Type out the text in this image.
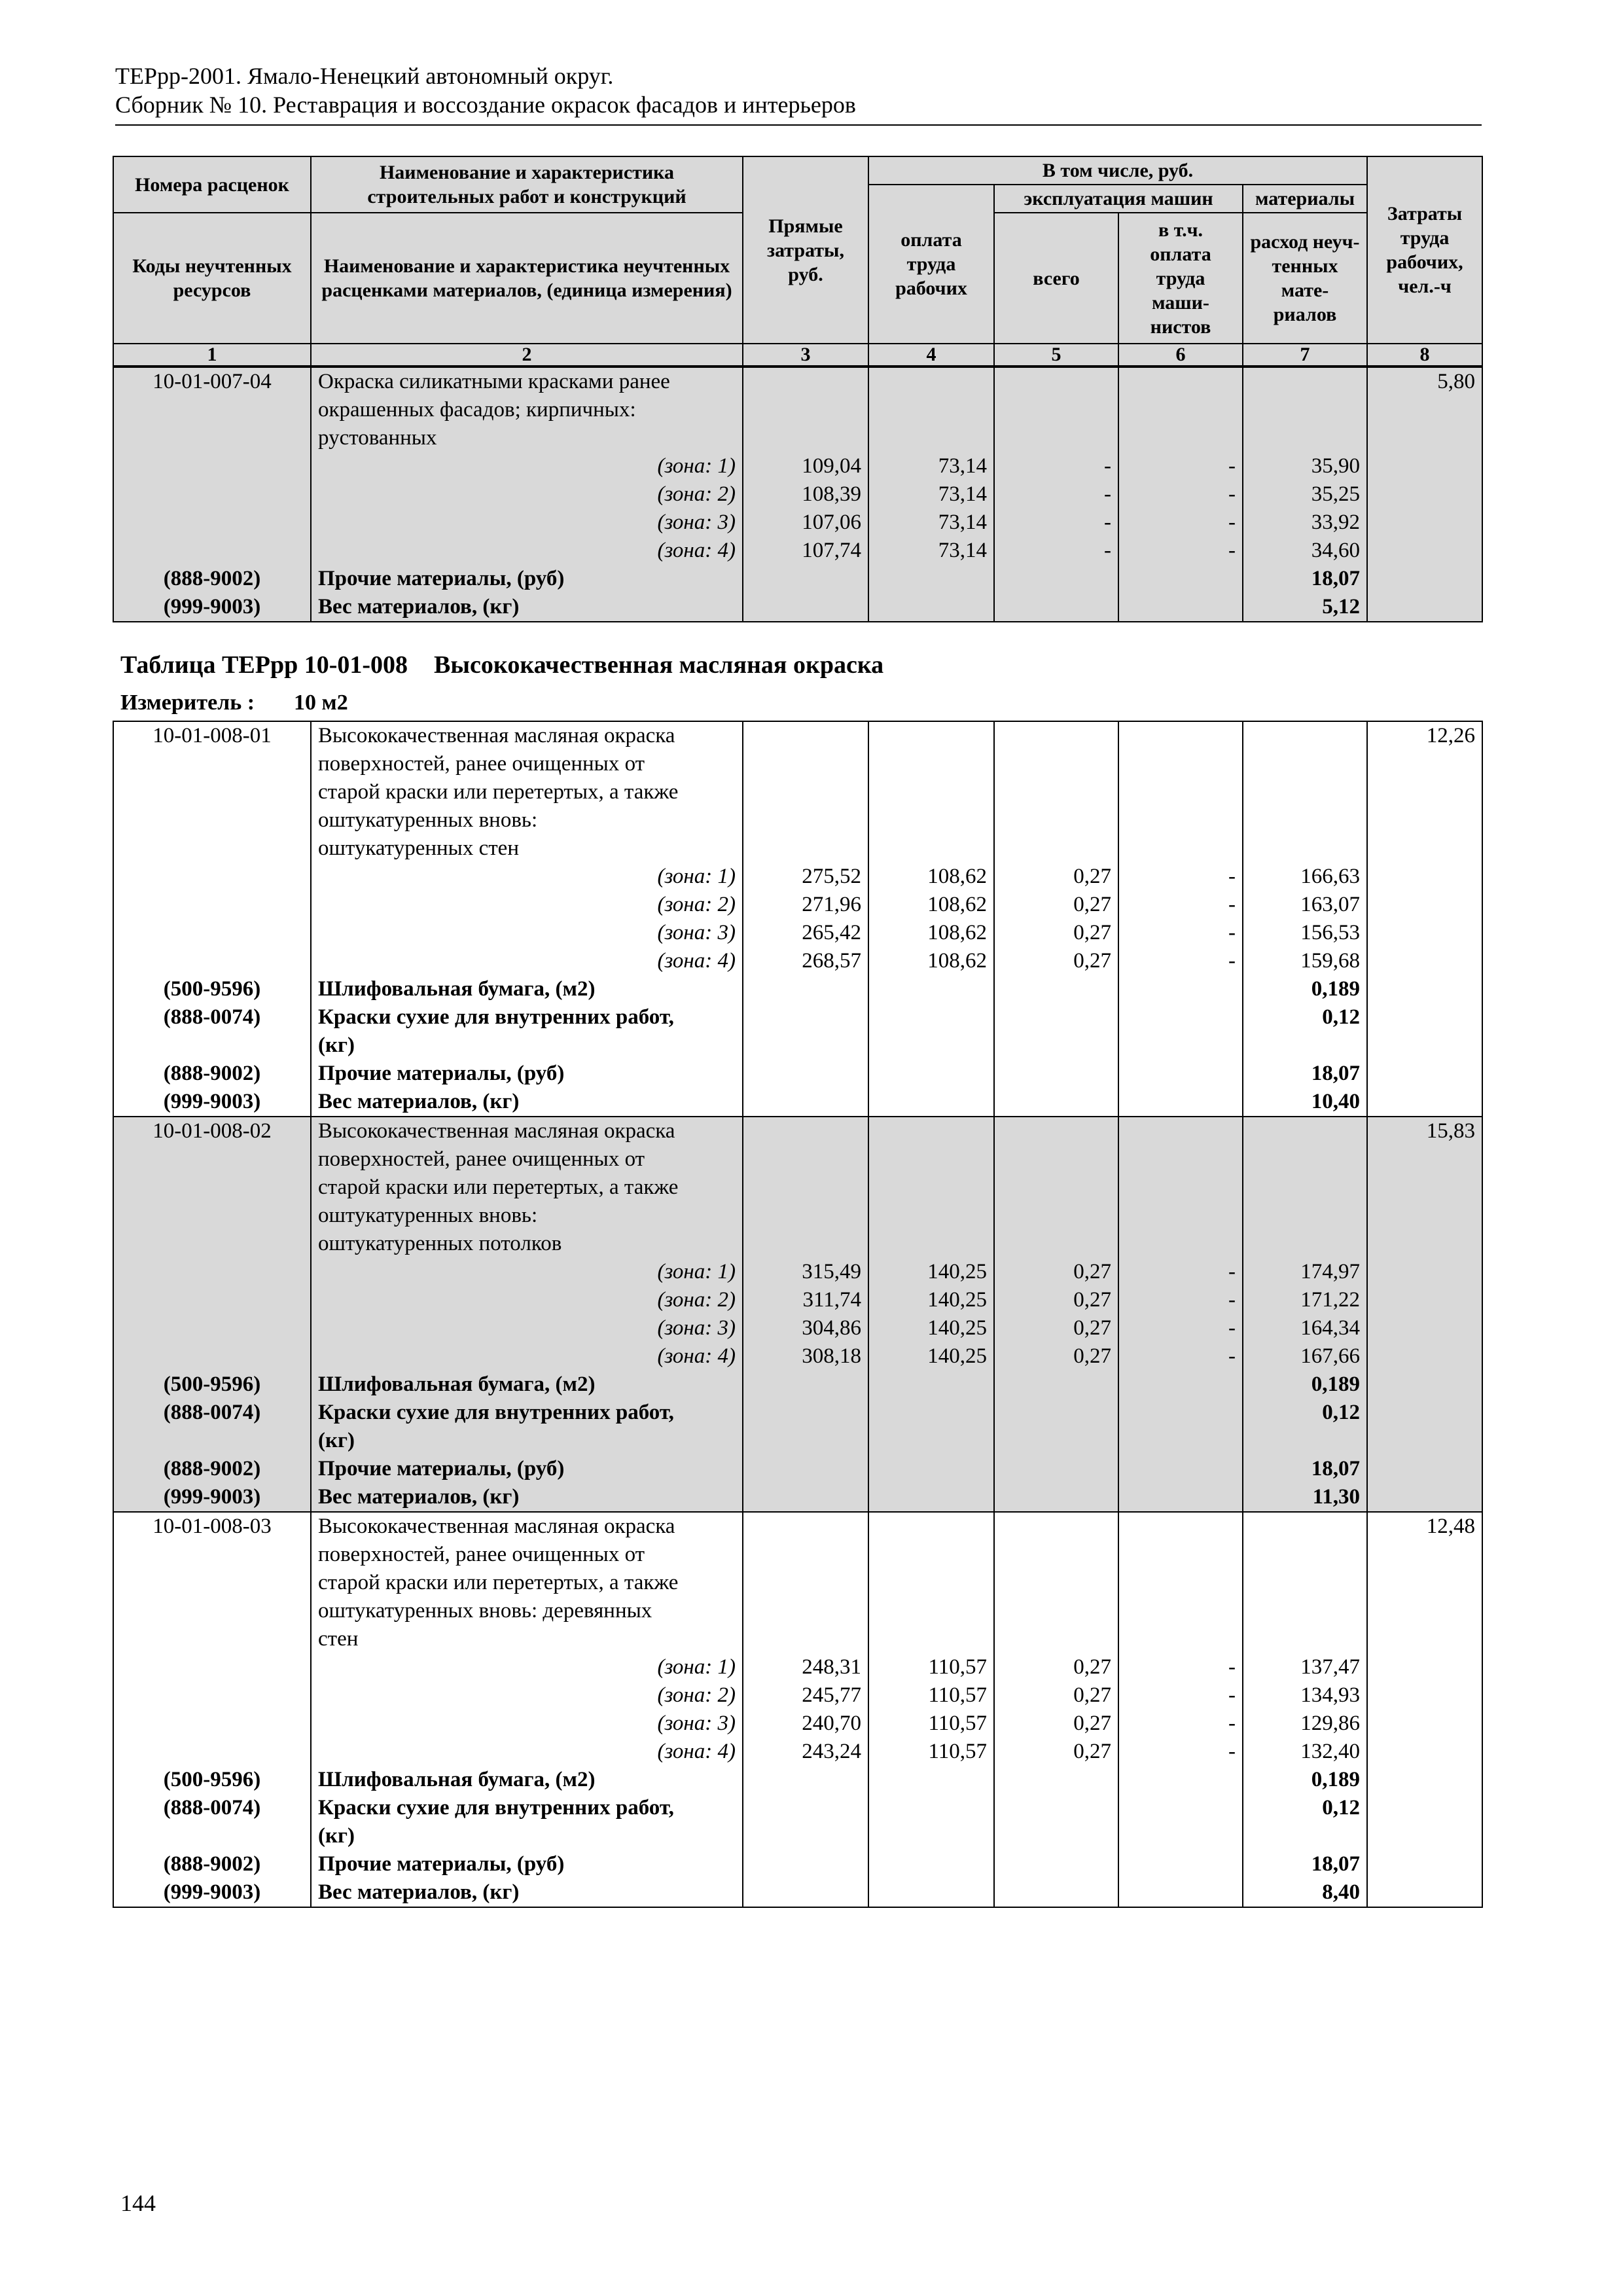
ТЕРрр-2001. Ямало-Ненецкий автономный округ.
Сборник № 10. Реставрация и воссоздание окрасок фасадов и интерьеров
Номера расценок	Наименование и характеристика строительных работ и конструкций	Прямые затраты, руб.	В том числе, руб.				Затраты труда рабочих, чел.-ч
			оплата труда рабочих	эксплуатация машин		материалы	
Коды неучтенных ресурсов	Наименование и характеристика неучтенных расценками материалов, (единица измерения)			всего	в т.ч. оплата труда маши-нистов	расход неуч-тенных мате-риалов	

1	2	3	4	5	6	7	8
10-01-007-04	Окраска силикатными красками ранее						5,80
	окрашенных фасадов; кирпичных:						
	рустованных						
	(зона: 1)	109,04	73,14	-	-	35,90	
	(зона: 2)	108,39	73,14	-	-	35,25	
	(зона: 3)	107,06	73,14	-	-	33,92	
	(зона: 4)	107,74	73,14	-	-	34,60	
(888-9002)	Прочие материалы, (руб)					18,07	
(999-9003)	Вес материалов, (кг)					5,12	
Таблица ТЕРрр 10-01-008 Высококачественная масляная окраска
Измеритель : 10 м2
10-01-008-01	Высококачественная масляная окраска						12,26
	поверхностей, ранее очищенных от						
	старой краски или перетертых, а также						
	оштукатуренных вновь:						
	оштукатуренных стен						
	(зона: 1)	275,52	108,62	0,27	-	166,63	
	(зона: 2)	271,96	108,62	0,27	-	163,07	
	(зона: 3)	265,42	108,62	0,27	-	156,53	
	(зона: 4)	268,57	108,62	0,27	-	159,68	
(500-9596)	Шлифовальная бумага, (м2)					0,189	
(888-0074)	Краски сухие для внутренних работ,					0,12	
	(кг)						
(888-9002)	Прочие материалы, (руб)					18,07	
(999-9003)	Вес материалов, (кг)					10,40	
10-01-008-02	Высококачественная масляная окраска						15,83
	поверхностей, ранее очищенных от						
	старой краски или перетертых, а также						
	оштукатуренных вновь:						
	оштукатуренных потолков						
	(зона: 1)	315,49	140,25	0,27	-	174,97	
	(зона: 2)	311,74	140,25	0,27	-	171,22	
	(зона: 3)	304,86	140,25	0,27	-	164,34	
	(зона: 4)	308,18	140,25	0,27	-	167,66	
(500-9596)	Шлифовальная бумага, (м2)					0,189	
(888-0074)	Краски сухие для внутренних работ,					0,12	
	(кг)						
(888-9002)	Прочие материалы, (руб)					18,07	
(999-9003)	Вес материалов, (кг)					11,30	
10-01-008-03	Высококачественная масляная окраска						12,48
	поверхностей, ранее очищенных от						
	старой краски или перетертых, а также						
	оштукатуренных вновь: деревянных						
	стен						
	(зона: 1)	248,31	110,57	0,27	-	137,47	
	(зона: 2)	245,77	110,57	0,27	-	134,93	
	(зона: 3)	240,70	110,57	0,27	-	129,86	
	(зона: 4)	243,24	110,57	0,27	-	132,40	
(500-9596)	Шлифовальная бумага, (м2)					0,189	
(888-0074)	Краски сухие для внутренних работ,					0,12	
	(кг)						
(888-9002)	Прочие материалы, (руб)					18,07	
(999-9003)	Вес материалов, (кг)					8,40	
144
